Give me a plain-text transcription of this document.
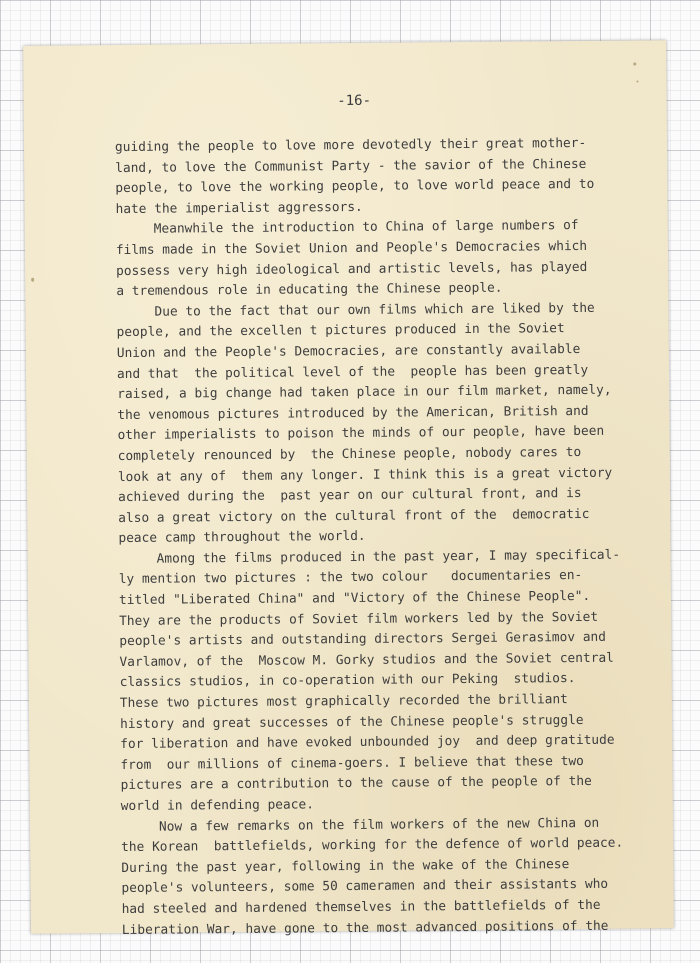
-16-
guiding the people to love more devotedly their great mother-
land, to love the Communist Party - the savior of the Chinese
people, to love the working people, to love world peace and to
hate the imperialist aggressors.
Meanwhile the introduction to China of large numbers of
films made in the Soviet Union and People's Democracies which
possess very high ideological and artistic levels, has played
a tremendous role in educating the Chinese people.
Due to the fact that our own films which are liked by the
people, and the excellen t pictures produced in the Soviet
Union and the People's Democracies, are constantly available
and that  the political level of the  people has been greatly
raised, a big change had taken place in our film market, namely,
the venomous pictures introduced by the American, British and
other imperialists to poison the minds of our people, have been
completely renounced by  the Chinese people, nobody cares to
look at any of  them any longer. I think this is a great victory
achieved during the  past year on our cultural front, and is
also a great victory on the cultural front of the  democratic
peace camp throughout the world.
Among the films produced in the past year, I may specifical-
ly mention two pictures : the two colour   documentaries en-
titled "Liberated China" and "Victory of the Chinese People".
They are the products of Soviet film workers led by the Soviet
people's artists and outstanding directors Sergei Gerasimov and
Varlamov, of the  Moscow M. Gorky studios and the Soviet central
classics studios, in co-operation with our Peking  studios.
These two pictures most graphically recorded the brilliant
history and great successes of the Chinese people's struggle
for liberation and have evoked unbounded joy  and deep gratitude
from  our millions of cinema-goers. I believe that these two
pictures are a contribution to the cause of the people of the
world in defending peace.
Now a few remarks on the film workers of the new China on
the Korean  battlefields, working for the defence of world peace.
During the past year, following in the wake of the Chinese
people's volunteers, some 50 cameramen and their assistants who
had steeled and hardened themselves in the battlefields of the
Liberation War, have gone to the most advanced positions of the
